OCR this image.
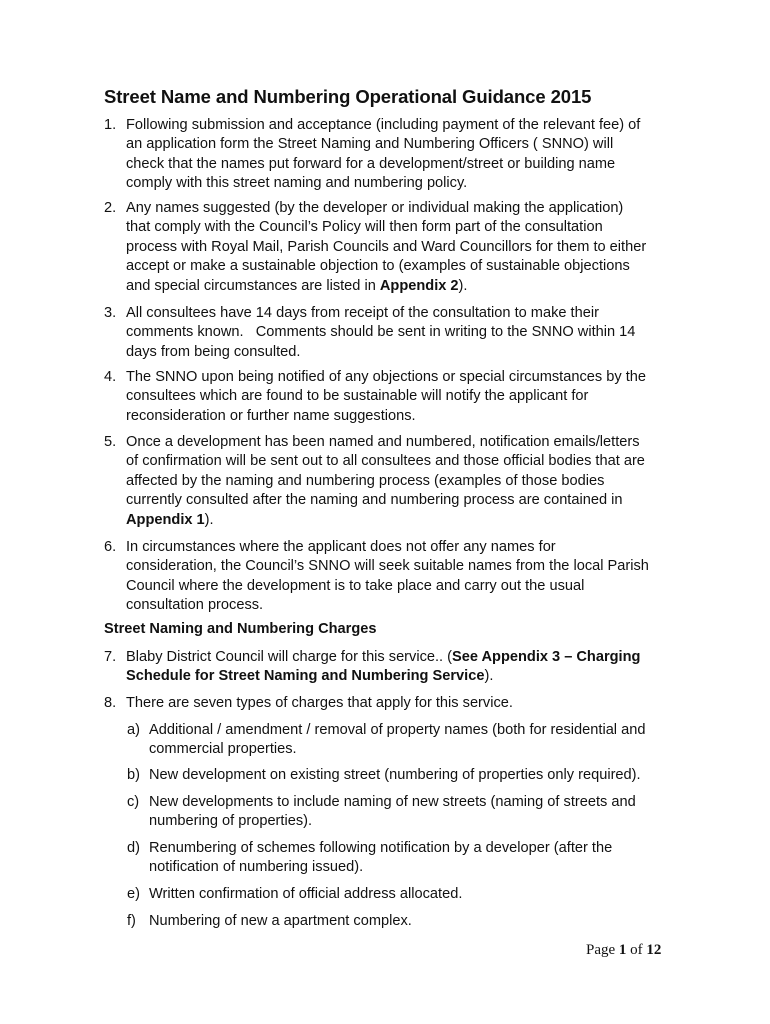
Street Name and Numbering Operational Guidance 2015
1. Following submission and acceptance (including payment of the relevant fee) of
an application form the Street Naming and Numbering Officers ( SNNO) will
check that the names put forward for a development/street or building name
comply with this street naming and numbering policy.
2. Any names suggested (by the developer or individual making the application)
that comply with the Council’s Policy will then form part of the consultation
process with Royal Mail, Parish Councils and Ward Councillors for them to either
accept or make a sustainable objection to (examples of sustainable objections
and special circumstances are listed in Appendix 2).
3. All consultees have 14 days from receipt of the consultation to make their
comments known.   Comments should be sent in writing to the SNNO within 14
days from being consulted.
4. The SNNO upon being notified of any objections or special circumstances by the
consultees which are found to be sustainable will notify the applicant for
reconsideration or further name suggestions.
5. Once a development has been named and numbered, notification emails/letters
of confirmation will be sent out to all consultees and those official bodies that are
affected by the naming and numbering process (examples of those bodies
currently consulted after the naming and numbering process are contained in
Appendix 1).
6. In circumstances where the applicant does not offer any names for
consideration, the Council’s SNNO will seek suitable names from the local Parish
Council where the development is to take place and carry out the usual
consultation process.
Street Naming and Numbering Charges
7. Blaby District Council will charge for this service.. (See Appendix 3 – Charging
Schedule for Street Naming and Numbering Service).
8. There are seven types of charges that apply for this service.
a) Additional / amendment / removal of property names (both for residential and
commercial properties.
b) New development on existing street (numbering of properties only required).
c) New developments to include naming of new streets (naming of streets and
numbering of properties).
d) Renumbering of schemes following notification by a developer (after the
notification of numbering issued).
e) Written confirmation of official address allocated.
f) Numbering of new a apartment complex.
Page 1 of 12
